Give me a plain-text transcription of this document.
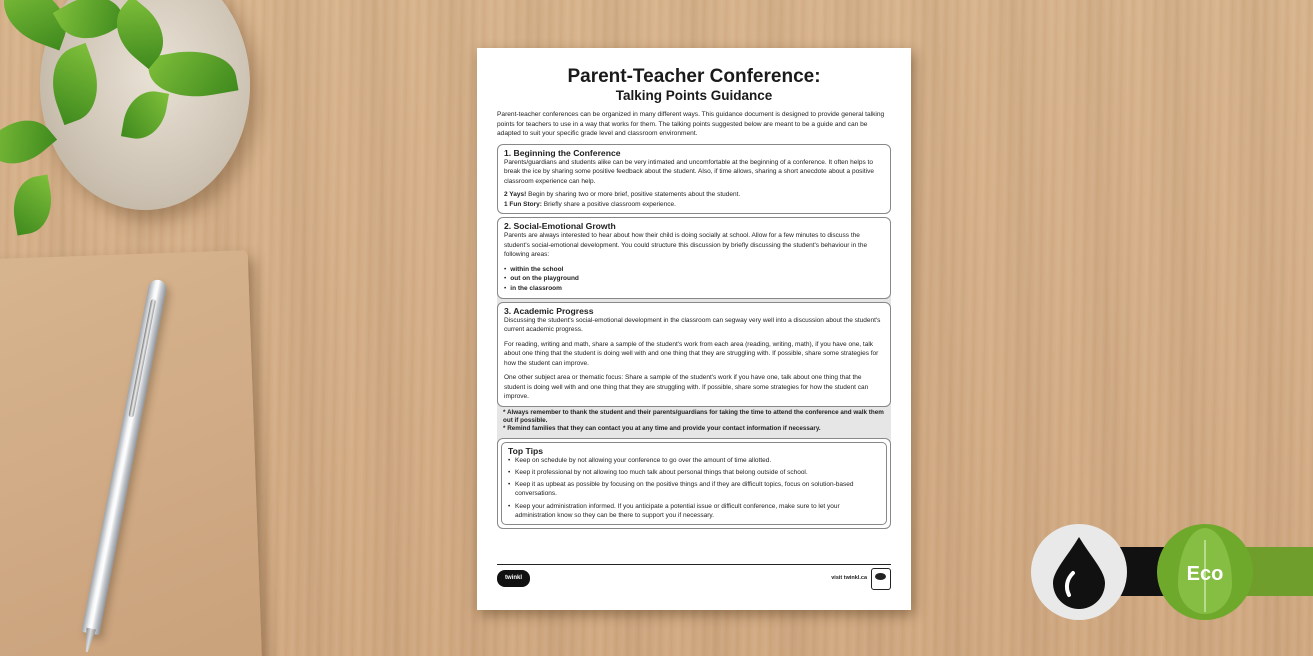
Parent-Teacher Conference:
Talking Points Guidance

Parent-teacher conferences can be organized in many different ways. This guidance document is designed to provide general talking points for teachers to use in a way that works for them. The talking points suggested below are meant to be a guide and can be adapted to suit your specific grade level and classroom environment.

1. Beginning the Conference

Parents/guardians and students alike can be very intimated and uncomfortable at the beginning of a conference. It often helps to break the ice by sharing some positive feedback about the student. Also, if time allows, sharing a short anecdote about a positive classroom experience can help.

2 Yays! Begin by sharing two or more brief, positive statements about the student.

1 Fun Story: Briefly share a positive classroom experience.

2. Social-Emotional Growth

Parents are always interested to hear about how their child is doing socially at school. Allow for a few minutes to discuss the student's social-emotional development. You could structure this discussion by briefly discussing the student's behaviour in the following areas:

• within the school
• out on the playground
• in the classroom
3. Academic Progress

Discussing the student's social-emotional development in the classroom can segway very well into a discussion about the student's current academic progress.

For reading, writing and math, share a sample of the student's work from each area (reading, writing, math), if you have one, talk about one thing that the student is doing well with and one thing that they are struggling with. If possible, share some strategies for how the student can improve.

One other subject area or thematic focus: Share a sample of the student's work if you have one, talk about one thing that the student is doing well with and one thing that they are struggling with. If possible, share some strategies for how the student can improve.

* Always remember to thank the student and their parents/guardians for taking the time to attend the conference and walk them out if possible.
* Remind families that they can contact you at any time and provide your contact information if necessary.
Top Tips
• Keep on schedule by not allowing your conference to go over the amount of time allotted.
• Keep it professional by not allowing too much talk about personal things that belong outside of school.
• Keep it as upbeat as possible by focusing on the positive things and if they are difficult topics, focus on solution-based conversations.
• Keep your administration informed. If you anticipate a potential issue or difficult conference, make sure to let your administration know so they can be there to support you if necessary.
twinkl	visit twinkl.ca	Eco
